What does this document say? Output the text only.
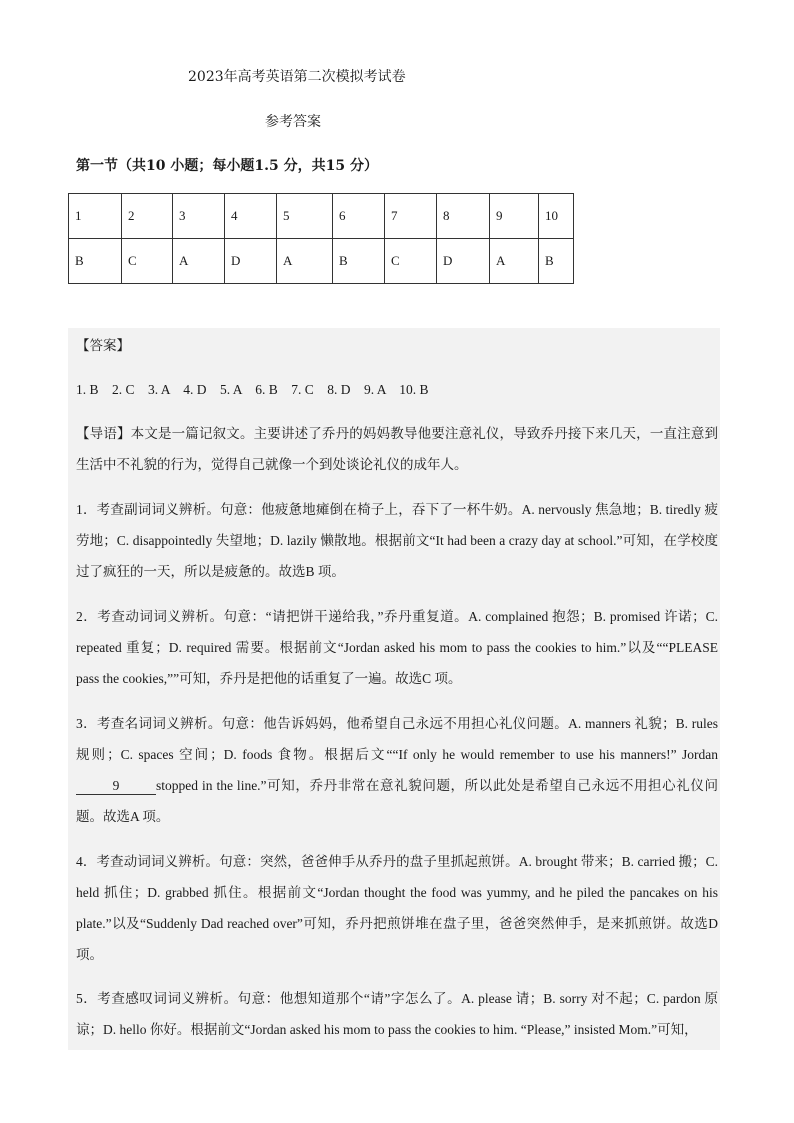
2023年高考英语第二次模拟考试卷
参考答案
第一节（共10 小题；每小题1.5 分，共15 分）
1	2	3	4	5	6	7	8	9	10
B	C	A	D	A	B	C	D	A	B

【答案】

1. B　2. C　3. A　4. D　5. A　6. B　7. C　8. D　9. A　10. B

【导语】本文是一篇记叙文。主要讲述了乔丹的妈妈教导他要注意礼仪，导致乔丹接下来几天，一直注意到生活中不礼貌的行为，觉得自己就像一个到处谈论礼仪的成年人。

1．考查副词词义辨析。句意：他疲惫地瘫倒在椅子上，吞下了一杯牛奶。A. nervously 焦急地；B. tiredly 疲劳地；C. disappointedly 失望地；D. lazily 懒散地。根据前文“It had been a crazy day at school.”可知，在学校度过了疯狂的一天，所以是疲惫的。故选B 项。

2．考查动词词义辨析。句意：“请把饼干递给我，”乔丹重复道。A. complained 抱怨；B. promised 许诺；C. repeated 重复；D. required 需要。根据前文“Jordan asked his mom to pass the cookies to him.”以及““PLEASE pass the cookies,””可知，乔丹是把他的话重复了一遍。故选C 项。

3．考查名词词义辨析。句意：他告诉妈妈，他希望自己永远不用担心礼仪问题。A. manners 礼貌；B. rules 规则；C. spaces 空间；D. foods 食物。根据后文““If only he would remember to use his manners!” Jordan9	stopped in the line.”可知，乔丹非常在意礼貌问题，所以此处是希望自己永远不用担心礼仪问题。故选A 项。

4．考查动词词义辨析。句意：突然，爸爸伸手从乔丹的盘子里抓起煎饼。A. brought 带来；B. carried 搬；C. held 抓住；D. grabbed 抓住。根据前文“Jordan thought the food was yummy, and he piled the pancakes on his plate.”以及“Suddenly Dad reached over”可知，乔丹把煎饼堆在盘子里，爸爸突然伸手，是来抓煎饼。故选D 项。

5．考查感叹词词义辨析。句意：他想知道那个“请”字怎么了。A. please 请；B. sorry 对不起；C. pardon 原谅；D. hello 你好。根据前文“Jordan asked his mom to pass the cookies to him. “Please,” insisted Mom.”可知，
